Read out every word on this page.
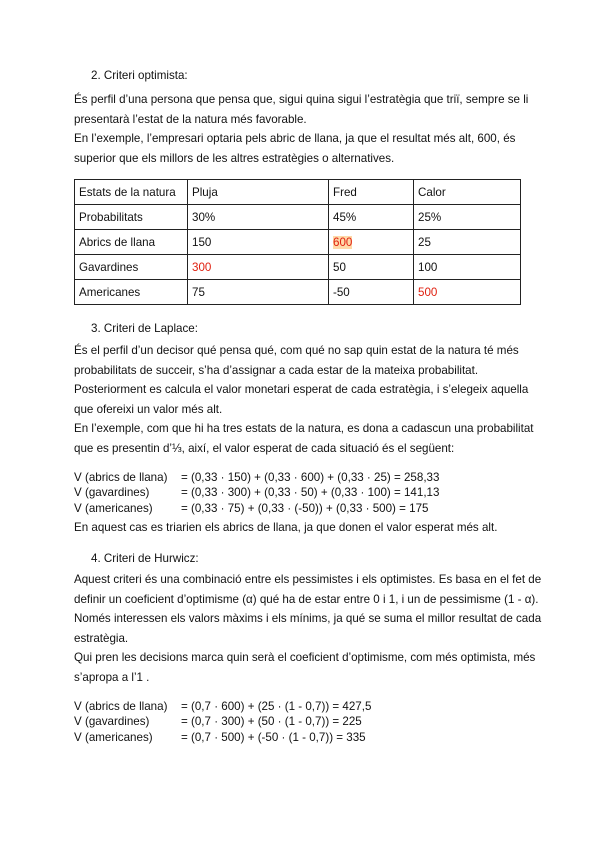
2. Criteri optimista:
És perfil d’una persona que pensa que, sigui quina sigui l’estratègia que triï, sempre se li
presentarà l’estat de la natura més favorable.
En l’exemple, l’empresari optaria pels abric de llana, ja que el resultat més alt, 600, és
superior que els millors de les altres estratègies o alternatives.
Estats de la natura	Pluja	Fred	Calor
Probabilitats	30%	45%	25%
Abrics de llana	150	600	25
Gavardines	300	50	100
Americanes	75	-50	500
3. Criteri de Laplace:
És el perfil d’un decisor qué pensa qué, com qué no sap quin estat de la natura té més
probabilitats de succeir, s’ha d’assignar a cada estar de la mateixa probabilitat.
Posteriorment es calcula el valor monetari esperat de cada estratègia, i s’elegeix aquella
que ofereixi un valor més alt.
En l’exemple, com que hi ha tres estats de la natura, es dona a cadascun una probabilitat
que es presentin d’⅓, així, el valor esperat de cada situació és el següent:
V (abrics de llana) = (0,33 · 150) + (0,33 · 600) + (0,33 · 25) = 258,33
V (gavardines)	= (0,33 · 300) + (0,33 · 50) + (0,33 · 100) = 141,13
V (americanes) = (0,33 · 75) + (0,33 · (-50)) + (0,33 · 500) = 175
En aquest cas es triarien els abrics de llana, ja que donen el valor esperat més alt.
4. Criteri de Hurwicz:
Aquest criteri és una combinació entre els pessimistes i els optimistes. Es basa en el fet de
definir un coeficient d’optimisme (α) qué ha de estar entre 0 i 1, i un de pessimisme (1 - α).
Només interessen els valors màxims i els mínims, ja qué se suma el millor resultat de cada
estratègia.
Qui pren les decisions marca quin serà el coeficient d’optimisme, com més optimista, més
s’apropa a l’1 .
V (abrics de llana) = (0,7 · 600) + (25 · (1 - 0,7)) = 427,5
V (gavardines)	= (0,7 · 300) + (50 · (1 - 0,7)) = 225
V (americanes) = (0,7 · 500) + (-50 · (1 - 0,7)) = 335
